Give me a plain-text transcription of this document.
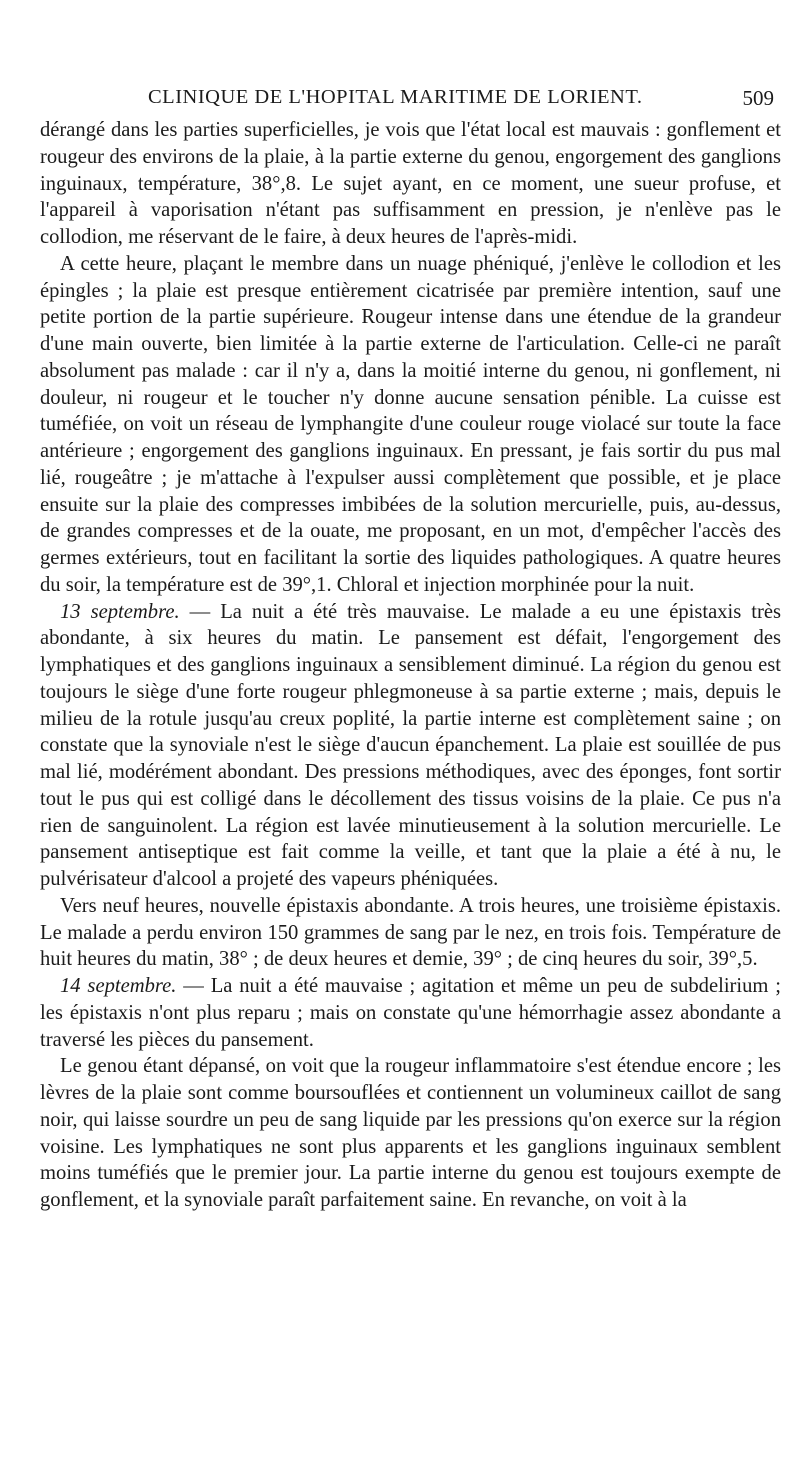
CLINIQUE DE L'HOPITAL MARITIME DE LORIENT.	509

dérangé dans les parties superficielles, je vois que l'état local est mauvais : gonflement et rougeur des environs de la plaie, à la partie externe du genou, engorgement des ganglions inguinaux, température, 38°,8. Le sujet ayant, en ce moment, une sueur profuse, et l'appareil à vaporisation n'étant pas suffisamment en pression, je n'enlève pas le collodion, me réservant de le faire, à deux heures de l'après-midi.

A cette heure, plaçant le membre dans un nuage phéniqué, j'enlève le collodion et les épingles ; la plaie est presque entièrement cicatrisée par première intention, sauf une petite portion de la partie supérieure. Rougeur intense dans une étendue de la grandeur d'une main ouverte, bien limitée à la partie externe de l'articulation. Celle-ci ne paraît absolument pas malade : car il n'y a, dans la moitié interne du genou, ni gonflement, ni douleur, ni rougeur et le toucher n'y donne aucune sensation pénible. La cuisse est tuméfiée, on voit un réseau de lymphangite d'une couleur rouge violacé sur toute la face antérieure ; engorgement des ganglions inguinaux. En pressant, je fais sortir du pus mal lié, rougeâtre ; je m'attache à l'expulser aussi complètement que possible, et je place ensuite sur la plaie des compresses imbibées de la solution mercurielle, puis, au-dessus, de grandes compresses et de la ouate, me proposant, en un mot, d'empêcher l'accès des germes extérieurs, tout en facilitant la sortie des liquides pathologiques. A quatre heures du soir, la température est de 39°,1. Chloral et injection morphinée pour la nuit.

13 septembre. — La nuit a été très mauvaise. Le malade a eu une épistaxis très abondante, à six heures du matin. Le pansement est défait, l'engorgement des lymphatiques et des ganglions inguinaux a sensiblement diminué. La région du genou est toujours le siège d'une forte rougeur phlegmoneuse à sa partie externe ; mais, depuis le milieu de la rotule jusqu'au creux poplité, la partie interne est complètement saine ; on constate que la synoviale n'est le siège d'aucun épanchement. La plaie est souillée de pus mal lié, modérément abondant. Des pressions méthodiques, avec des éponges, font sortir tout le pus qui est colligé dans le décollement des tissus voisins de la plaie. Ce pus n'a rien de sanguinolent. La région est lavée minutieusement à la solution mercurielle. Le pansement antiseptique est fait comme la veille, et tant que la plaie a été à nu, le pulvérisateur d'alcool a projeté des vapeurs phéniquées.

Vers neuf heures, nouvelle épistaxis abondante. A trois heures, une troisième épistaxis. Le malade a perdu environ 150 grammes de sang par le nez, en trois fois. Température de huit heures du matin, 38° ; de deux heures et demie, 39° ; de cinq heures du soir, 39°,5.

14 septembre. — La nuit a été mauvaise ; agitation et même un peu de subdelirium ; les épistaxis n'ont plus reparu ; mais on constate qu'une hémorrhagie assez abondante a traversé les pièces du pansement.

Le genou étant dépansé, on voit que la rougeur inflammatoire s'est étendue encore ; les lèvres de la plaie sont comme boursouflées et contiennent un volumineux caillot de sang noir, qui laisse sourdre un peu de sang liquide par les pressions qu'on exerce sur la région voisine. Les lymphatiques ne sont plus apparents et les ganglions inguinaux semblent moins tuméfiés que le premier jour. La partie interne du genou est toujours exempte de gonflement, et la synoviale paraît parfaitement saine. En revanche, on voit à la
